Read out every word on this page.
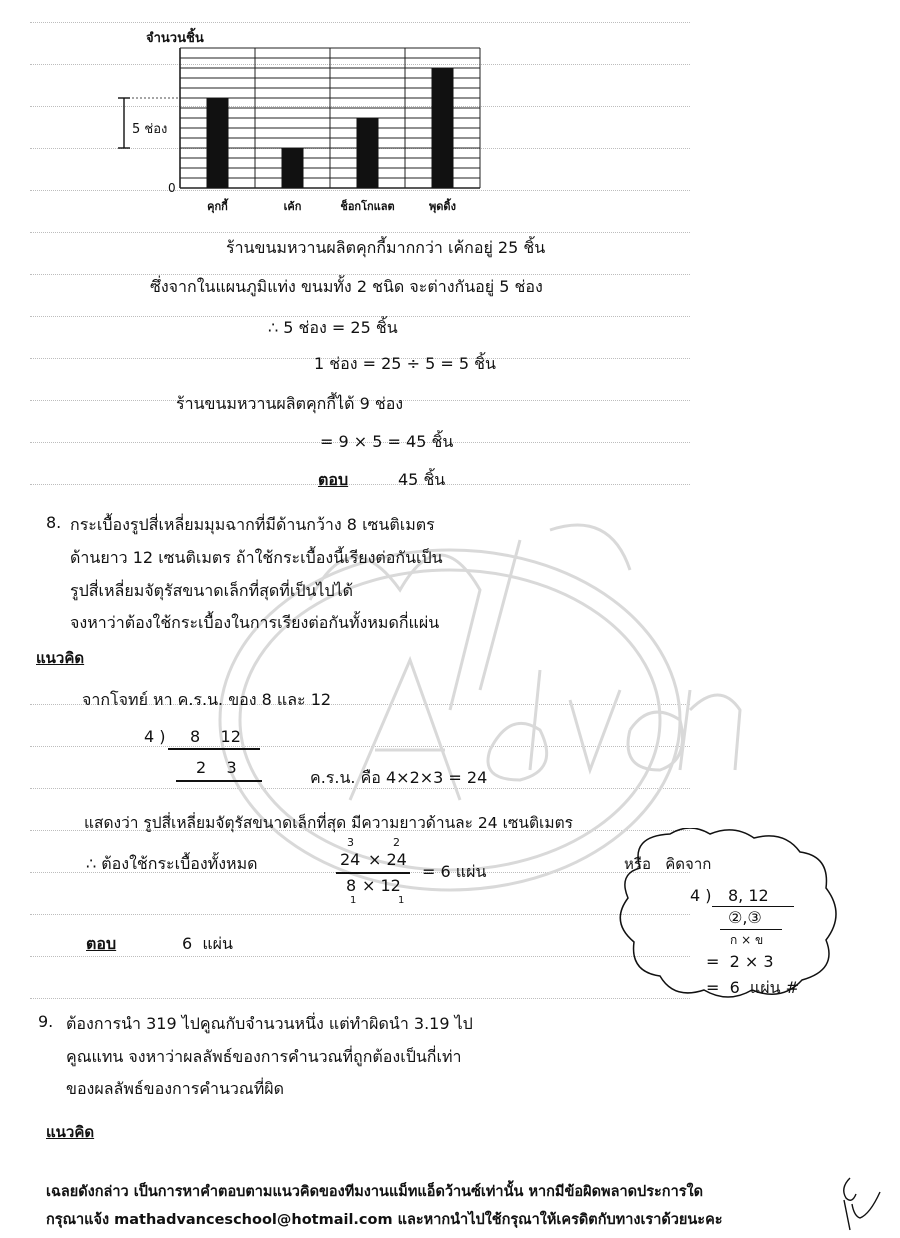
จำนวนชิ้น
คุกกี้	เค้ก	ช็อกโกแลต	พุดดิ้ง
0
5 ช่อง
ร้านขนมหวานผลิตคุกกี้มากกว่า เค้กอยู่ 25 ชิ้น
ซึ่งจากในแผนภูมิแท่ง ขนมทั้ง 2 ชนิด จะต่างกันอยู่ 5 ช่อง
∴ 5 ช่อง = 25 ชิ้น
1 ช่อง = 25 ÷ 5 = 5 ชิ้น
ร้านขนมหวานผลิตคุกกี้ได้ 9 ช่อง
= 9 × 5 = 45 ชิ้น
ตอบ	45 ชิ้น
8. กระเบื้องรูปสี่เหลี่ยมมุมฉากที่มีด้านกว้าง 8 เซนติเมตร
ด้านยาว 12 เซนติเมตร ถ้าใช้กระเบื้องนี้เรียงต่อกันเป็น
รูปสี่เหลี่ยมจัตุรัสขนาดเล็กที่สุดที่เป็นไปได้
จงหาว่าต้องใช้กระเบื้องในการเรียงต่อกันทั้งหมดกี่แผ่น
แนวคิด
จากโจทย์ หา ค.ร.น. ของ 8 และ 12
4 ) 8    12
2    3
ค.ร.น. คือ 4×2×3 = 24
แสดงว่า รูปสี่เหลี่ยมจัตุรัสขนาดเล็กที่สุด มีความยาวด้านละ 24 เซนติเมตร
∴ ต้องใช้กระเบื้องทั้งหมด
3	2
24 × 24
8 × 12
1	1
= 6 แผ่น
ตอบ	6  แผ่น
หรือ   คิดจาก
4 ) 8, 12
②,③
ก × ข
=  2 × 3
=  6  แผ่น #
9. ต้องการนำ 319 ไปคูณกับจำนวนหนึ่ง แต่ทำผิดนำ 3.19 ไป
คูณแทน จงหาว่าผลลัพธ์ของการคำนวณที่ถูกต้องเป็นกี่เท่า
ของผลลัพธ์ของการคำนวณที่ผิด
แนวคิด
เฉลยดังกล่าว เป็นการหาคำตอบตามแนวคิดของทีมงานแม็ทแอ็ดว้านซ์เท่านั้น หากมีข้อผิดพลาดประการใด
กรุณาแจ้ง mathadvanceschool@hotmail.com และหากนำไปใช้กรุณาให้เครดิตกับทางเราด้วยนะคะ
